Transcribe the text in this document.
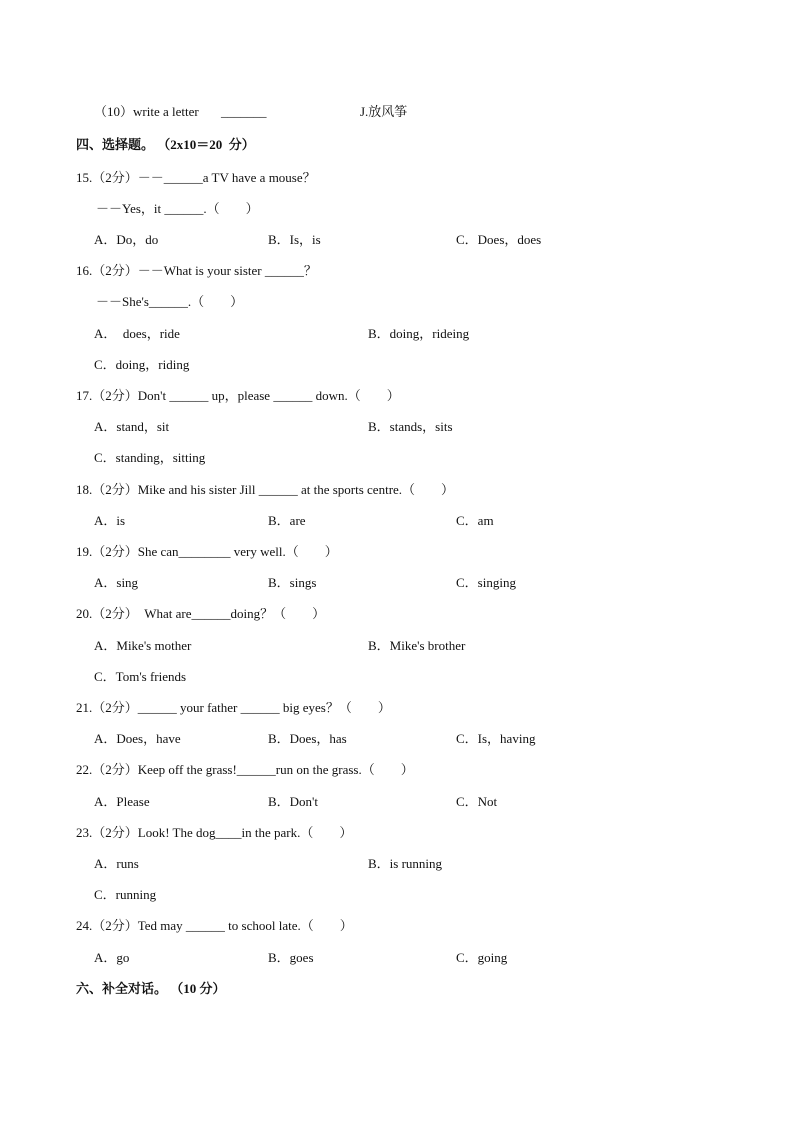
（10）write a letter _______	J.放风筝
四、选择题。 （2x10＝20  分）
15.（2分）－－______a TV have a mouse？
－－Yes，it ______.（　　）
A．Do，do	B．Is，is	C．Does，does
16.（2分）－－What is your sister ______？
－－She's______.（　　）
A．  does，ride	B．doing，rideing
C．doing，riding
17.（2分）Don't ______ up，please ______ down.（　　）
A．stand，sit	B．stands，sits
C．standing，sitting
18.（2分）Mike and his sister Jill ______ at the sports centre.（　　）
A．is	B．are	C．am
19.（2分）She can________ very well.（　　）
A．sing	B．sings	C．singing
20.（2分）  What are______doing？（　　）
A．Mike's mother	B．Mike's brother
C．Tom's friends
21.（2分）______ your father ______ big eyes？（　　）
A．Does，have	B．Does，has	C．Is，having
22.（2分）Keep off the grass!______run on the grass.（　　）
A．Please	B．Don't	C．Not
23.（2分）Look! The dog____in the park.（　　）
A．runs	B．is running
C．running
24.（2分）Ted may ______ to school late.（　　）
A．go	B．goes	C．going
六、补全对话。 （10 分）
